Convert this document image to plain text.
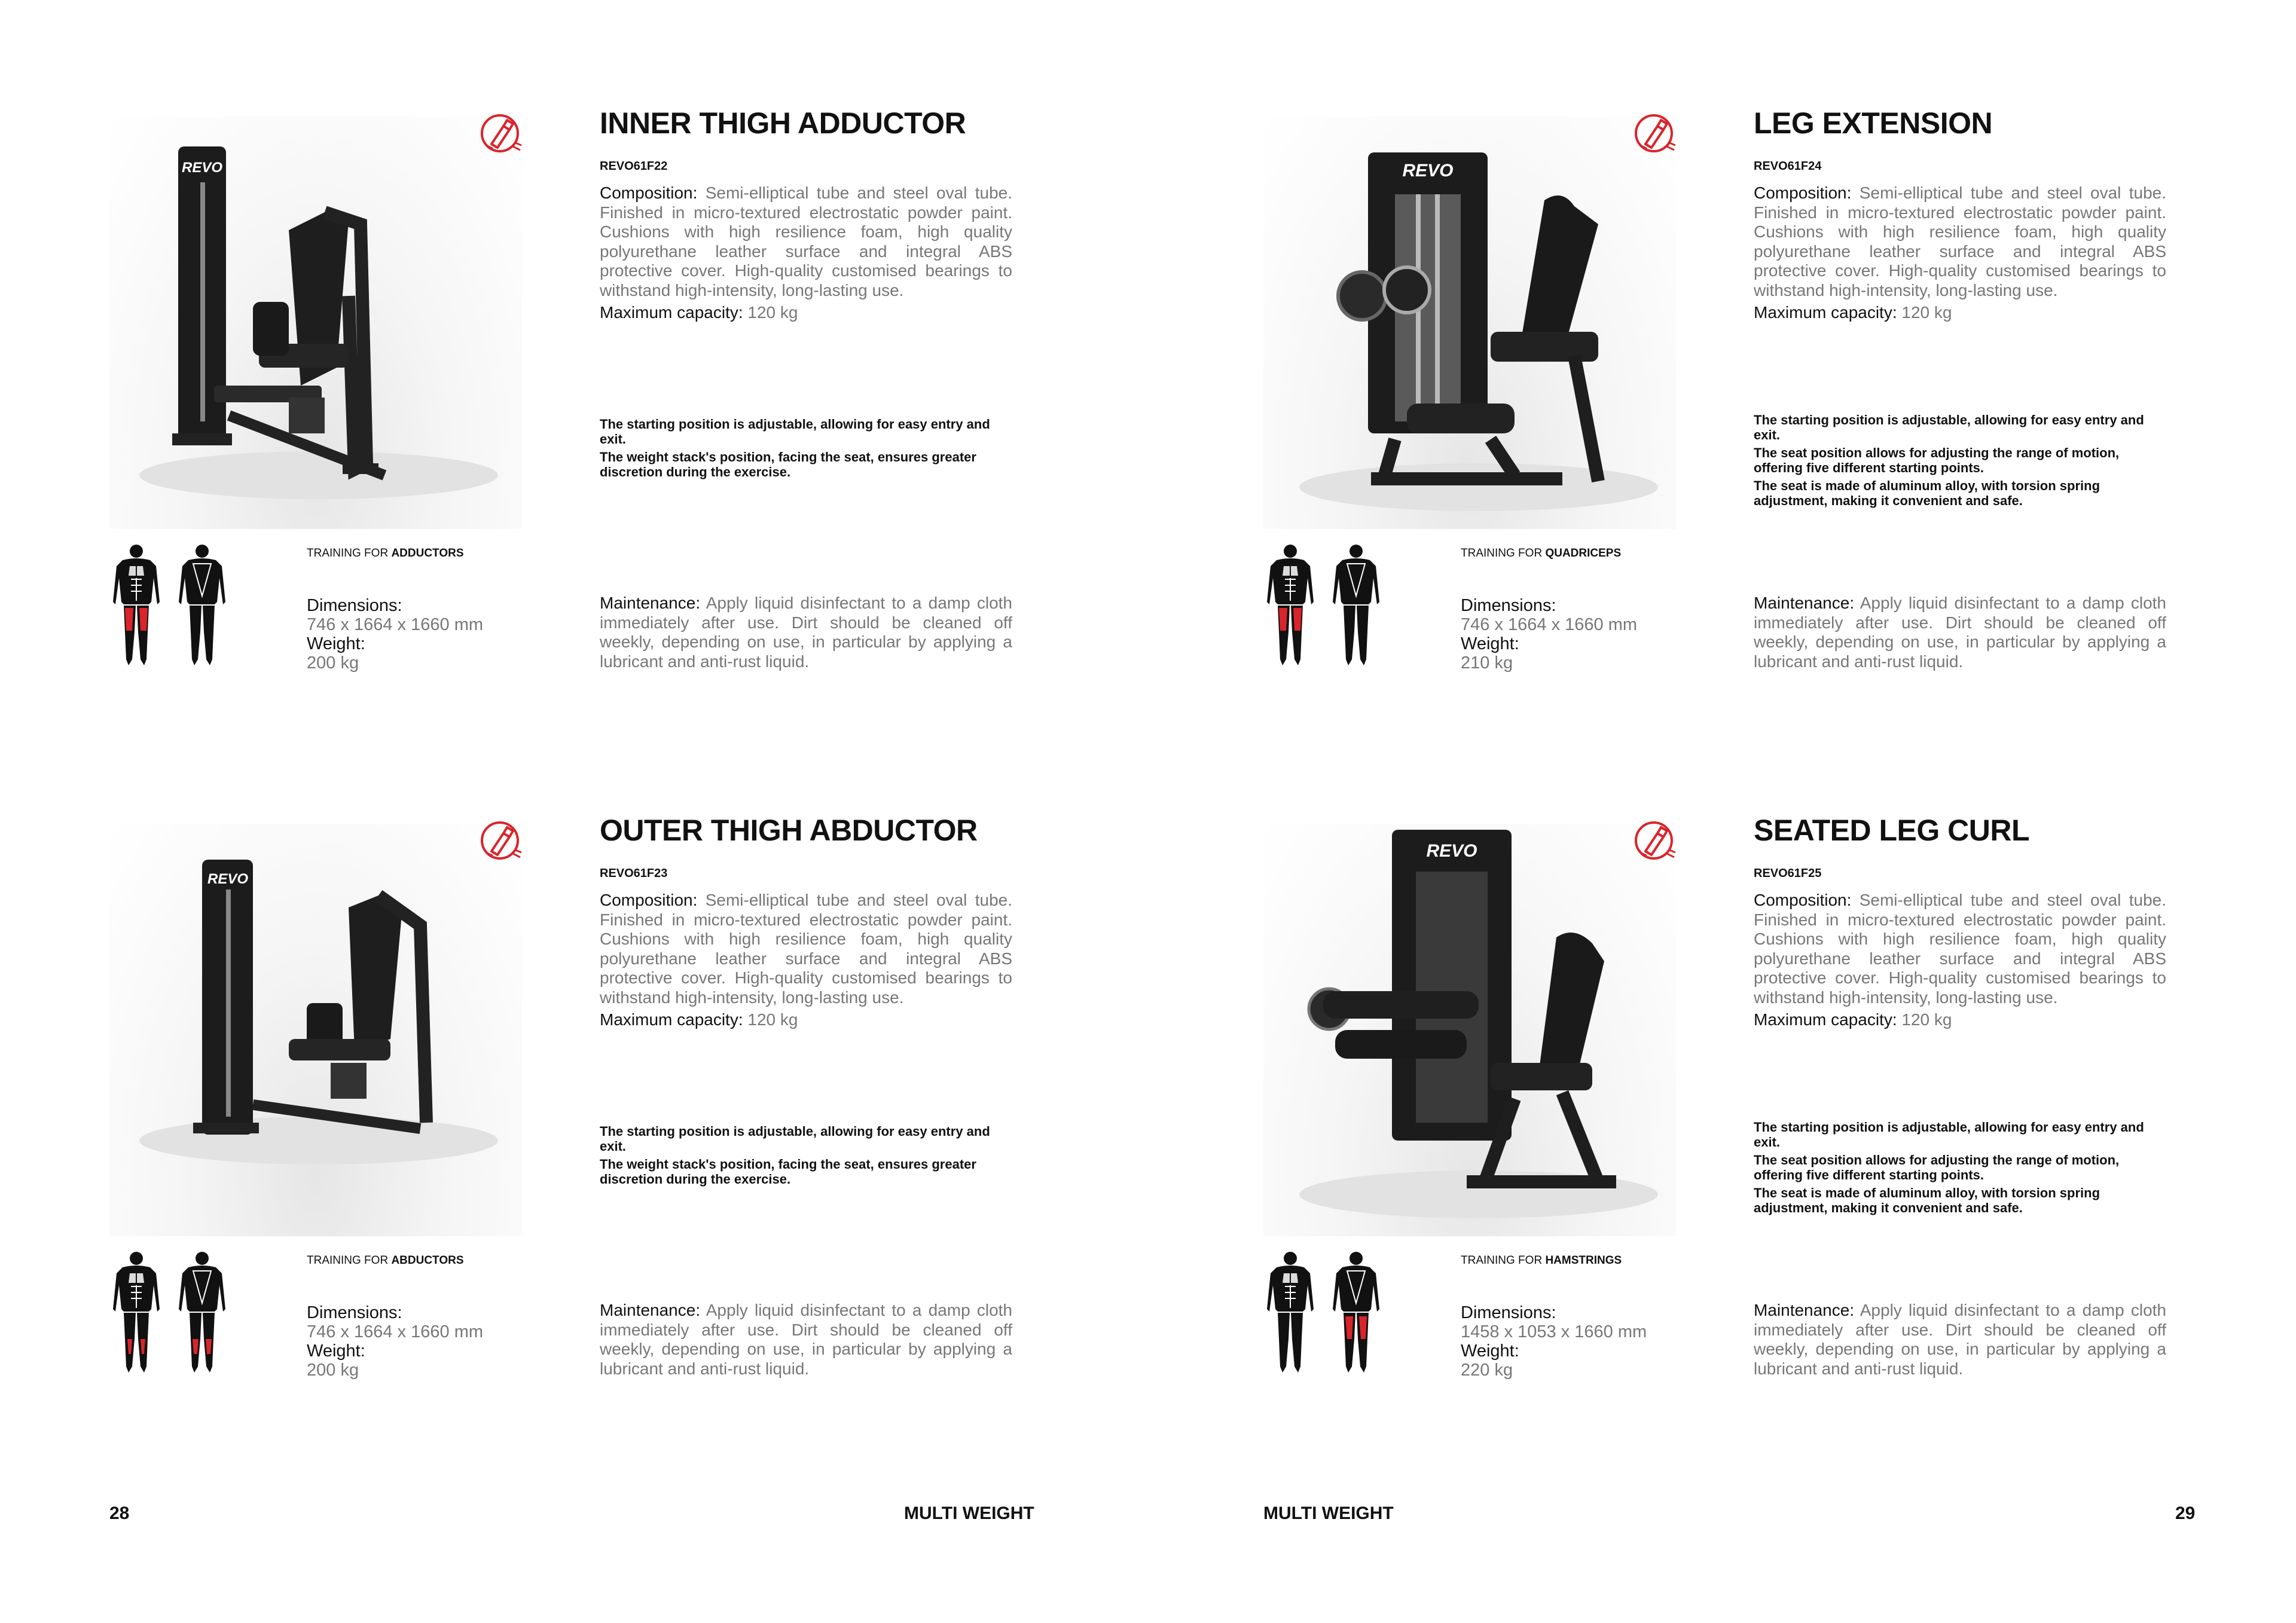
REVO
INNER THIGH ADDUCTOR
REVO61F22
Composition: Semi-elliptical tube and steel oval tube. Finished in micro-textured electrostatic powder paint. Cushions with high resilience foam, high quality polyurethane leather surface and integral ABS protective cover. High-quality customised bearings to withstand high-intensity, long-lasting use.
Maximum capacity: 120 kg

The starting position is adjustable, allowing for easy entry and exit.

The weight stack's position, facing the seat, ensures greater discretion during the exercise.

TRAINING FOR ADDUCTORS
Dimensions:
746 x 1664 x 1660 mm
Weight:
200 kg
Maintenance: Apply liquid disinfectant to a damp cloth immediately after use. Dirt should be cleaned off weekly, depending on use, in particular by applying a lubricant and anti-rust liquid.
REVO
LEG EXTENSION
REVO61F24
Composition: Semi-elliptical tube and steel oval tube. Finished in micro-textured electrostatic powder paint. Cushions with high resilience foam, high quality polyurethane leather surface and integral ABS protective cover. High-quality customised bearings to withstand high-intensity, long-lasting use.
Maximum capacity: 120 kg

The starting position is adjustable, allowing for easy entry and exit.

The seat position allows for adjusting the range of motion, offering five different starting points.

The seat is made of aluminum alloy, with torsion spring adjustment, making it convenient and safe.

TRAINING FOR QUADRICEPS
Dimensions:
746 x 1664 x 1660 mm
Weight:
210 kg
Maintenance: Apply liquid disinfectant to a damp cloth immediately after use. Dirt should be cleaned off weekly, depending on use, in particular by applying a lubricant and anti-rust liquid.
REVO
OUTER THIGH ABDUCTOR
REVO61F23
Composition: Semi-elliptical tube and steel oval tube. Finished in micro-textured electrostatic powder paint. Cushions with high resilience foam, high quality polyurethane leather surface and integral ABS protective cover. High-quality customised bearings to withstand high-intensity, long-lasting use.
Maximum capacity: 120 kg

The starting position is adjustable, allowing for easy entry and exit.

The weight stack's position, facing the seat, ensures greater discretion during the exercise.

TRAINING FOR ABDUCTORS
Dimensions:
746 x 1664 x 1660 mm
Weight:
200 kg
Maintenance: Apply liquid disinfectant to a damp cloth immediately after use. Dirt should be cleaned off weekly, depending on use, in particular by applying a lubricant and anti-rust liquid.
REVO
SEATED LEG CURL
REVO61F25
Composition: Semi-elliptical tube and steel oval tube. Finished in micro-textured electrostatic powder paint. Cushions with high resilience foam, high quality polyurethane leather surface and integral ABS protective cover. High-quality customised bearings to withstand high-intensity, long-lasting use.
Maximum capacity: 120 kg

The starting position is adjustable, allowing for easy entry and exit.

The seat position allows for adjusting the range of motion, offering five different starting points.

The seat is made of aluminum alloy, with torsion spring adjustment, making it convenient and safe.

TRAINING FOR HAMSTRINGS
Dimensions:
1458 x 1053 x 1660 mm
Weight:
220 kg
Maintenance: Apply liquid disinfectant to a damp cloth immediately after use. Dirt should be cleaned off weekly, depending on use, in particular by applying a lubricant and anti-rust liquid.
28	MULTI WEIGHT	MULTI WEIGHT	29
